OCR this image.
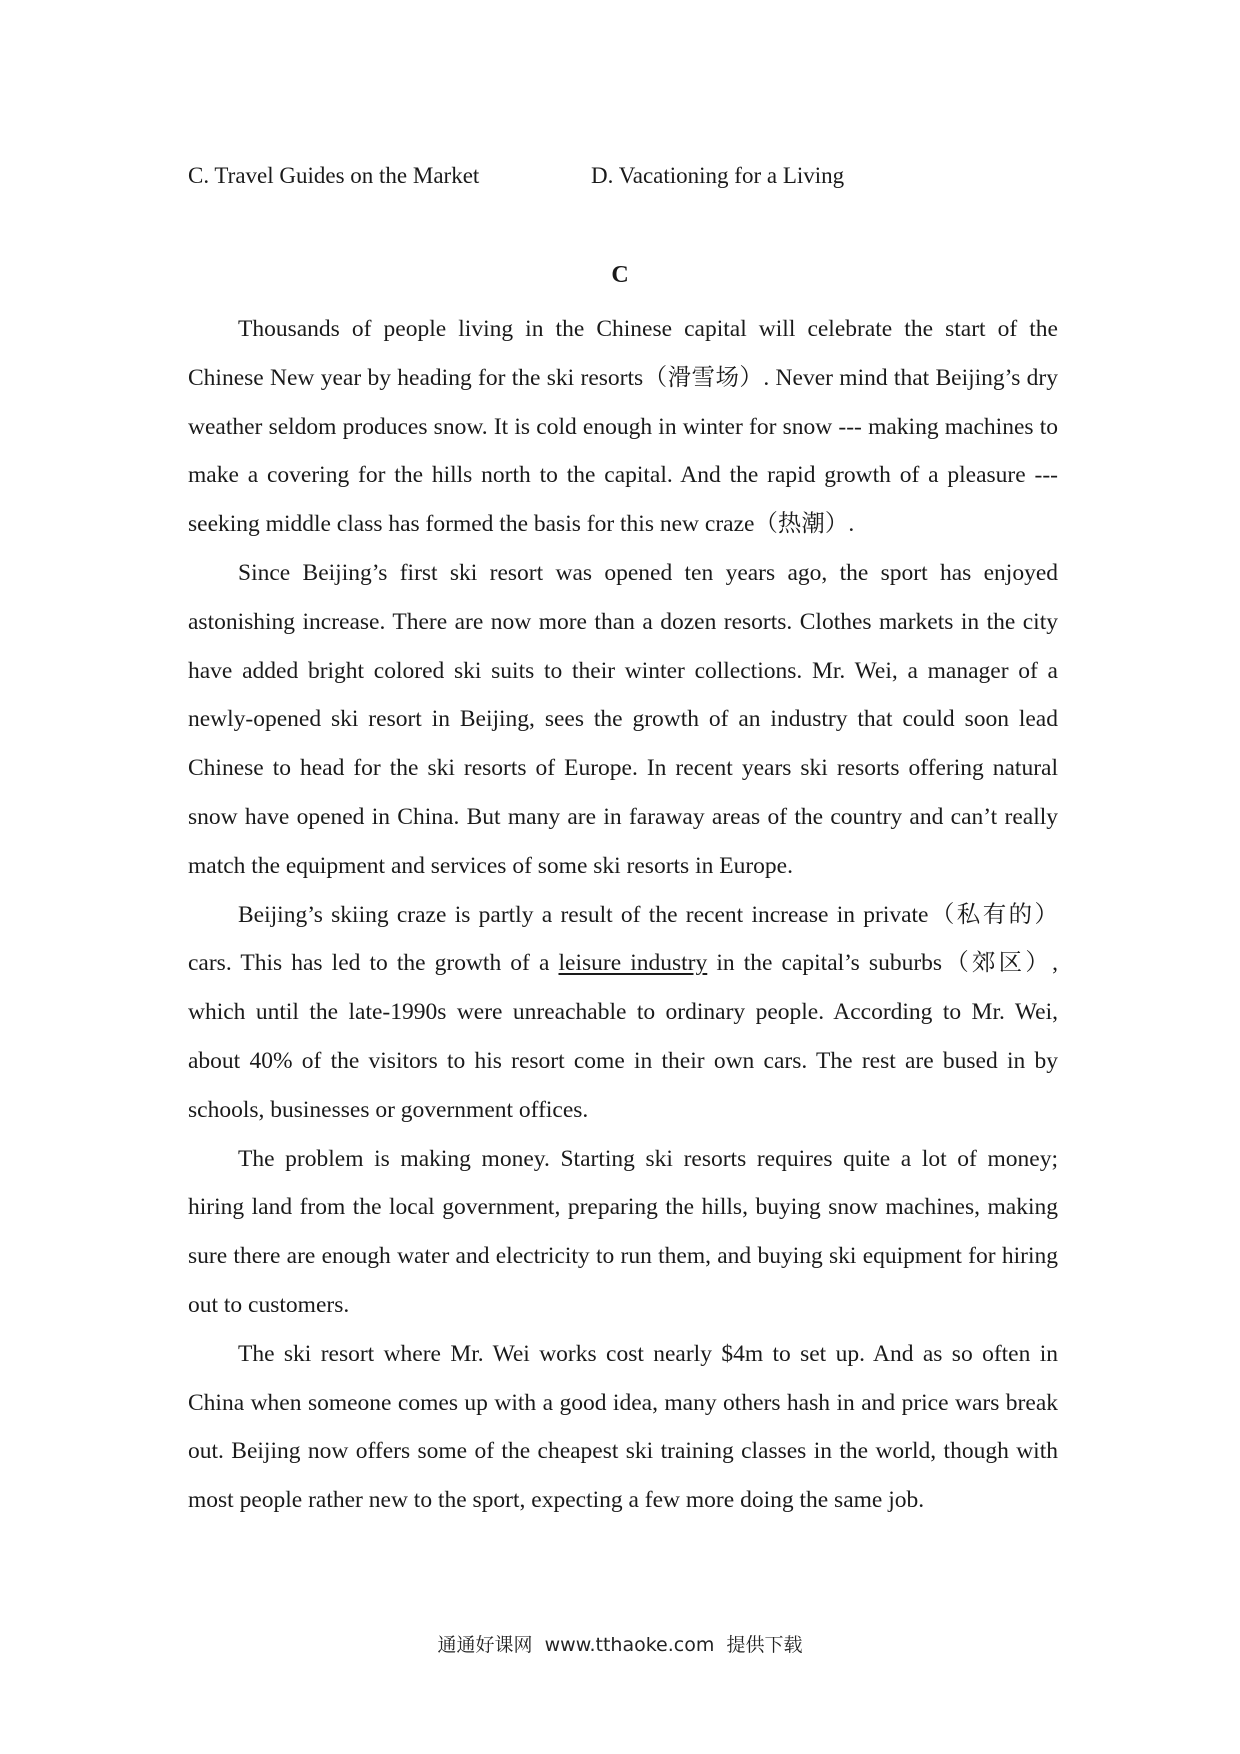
C. Travel Guides on the Market	D. Vacationing for a Living
C

Thousands of people living in the Chinese capital will celebrate the start of the Chinese New year by heading for the ski resorts（滑雪场）. Never mind that Beijing’s dry weather seldom produces snow. It is cold enough in winter for snow --- making machines to make a covering for the hills north to the capital. And the rapid growth of a pleasure --- seeking middle class has formed the basis for this new craze（热潮）.

Since Beijing’s first ski resort was opened ten years ago, the sport has enjoyed astonishing increase. There are now more than a dozen resorts. Clothes markets in the city have added bright colored ski suits to their winter collections. Mr. Wei, a manager of a newly-opened ski resort in Beijing, sees the growth of an industry that could soon lead Chinese to head for the ski resorts of Europe. In recent years ski resorts offering natural snow have opened in China. But many are in faraway areas of the country and can’t really match the equipment and services of some ski resorts in Europe.

Beijing’s skiing craze is partly a result of the recent increase in private（私有的）cars. This has led to the growth of a leisure industry in the capital’s suburbs（郊区）, which until the late-1990s were unreachable to ordinary people. According to Mr. Wei, about 40% of the visitors to his resort come in their own cars. The rest are bused in by schools, businesses or government offices.

The problem is making money. Starting ski resorts requires quite a lot of money; hiring land from the local government, preparing the hills, buying snow machines, making sure there are enough water and electricity to run them, and buying ski equipment for hiring out to customers.

The ski resort where Mr. Wei works cost nearly $4m to set up. And as so often in China when someone comes up with a good idea, many others hash in and price wars break out. Beijing now offers some of the cheapest ski training classes in the world, though with most people rather new to the sport, expecting a few more doing the same job.

通通好课网  www.tthaoke.com  提供下载
